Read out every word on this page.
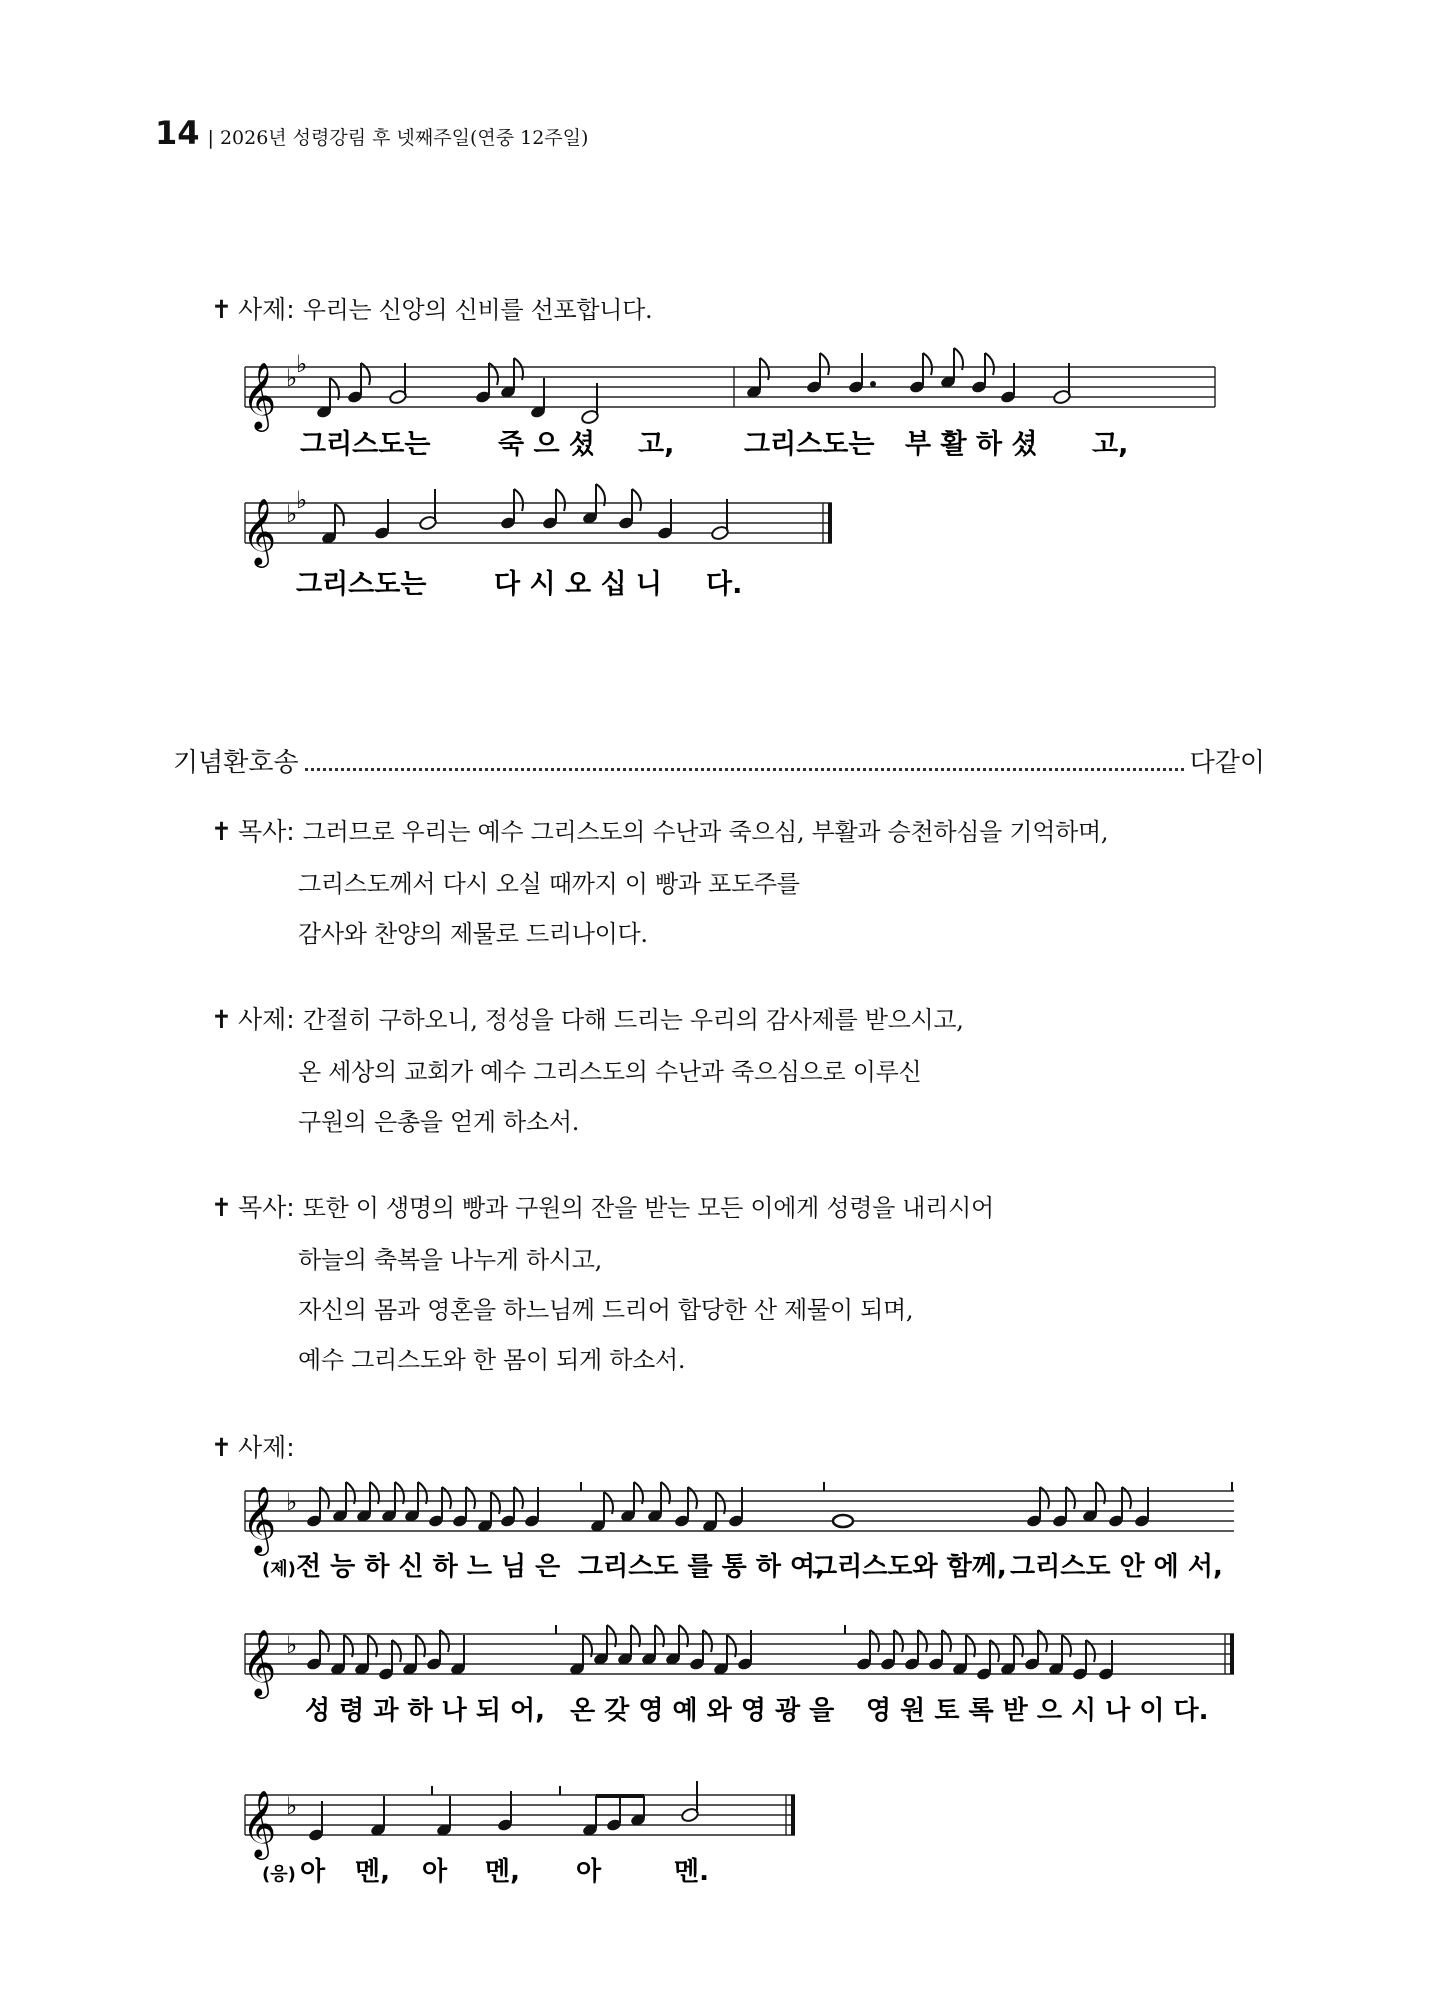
14 | 2026년 성령강림 후 넷째주일(연중 12주일)
✝ 사제: 우리는 신앙의 신비를 선포합니다.
기념환호송	다같이
✝ 목사: 그러므로 우리는 예수 그리스도의 수난과 죽으심, 부활과 승천하심을 기억하며,
그리스도께서 다시 오실 때까지 이 빵과 포도주를
감사와 찬양의 제물로 드리나이다.
✝ 사제: 간절히 구하오니, 정성을 다해 드리는 우리의 감사제를 받으시고,
온 세상의 교회가 예수 그리스도의 수난과 죽으심으로 이루신
구원의 은총을 얻게 하소서.
✝ 목사: 또한 이 생명의 빵과 구원의 잔을 받는 모든 이에게 성령을 내리시어
하늘의 축복을 나누게 하시고,
자신의 몸과 영혼을 하느님께 드리어 합당한 산 제물이 되며,
예수 그리스도와 한 몸이 되게 하소서.
✝ 사제:
𝄞 ♭
♭
그리스도는	죽 으 셨 고,	그리스도는 부 활 하 셨 고,
𝄞 ♭
♭
그리스도는	다 시 오 십 니 다.
𝄞 ♭
(제) 전 능 하 신 하 느 님 은 그리스도 를 통 하 여,
그리스도와 함께, 그리스도 안 에 서,
𝄞 ♭
성 령 과 하 나 되 어, 온 갖 영 예 와 영 광 을 영 원 토 록 받 으 시 나 이 다.
𝄞 ♭
(응) 아 멘, 아 멘, 아	멘.
